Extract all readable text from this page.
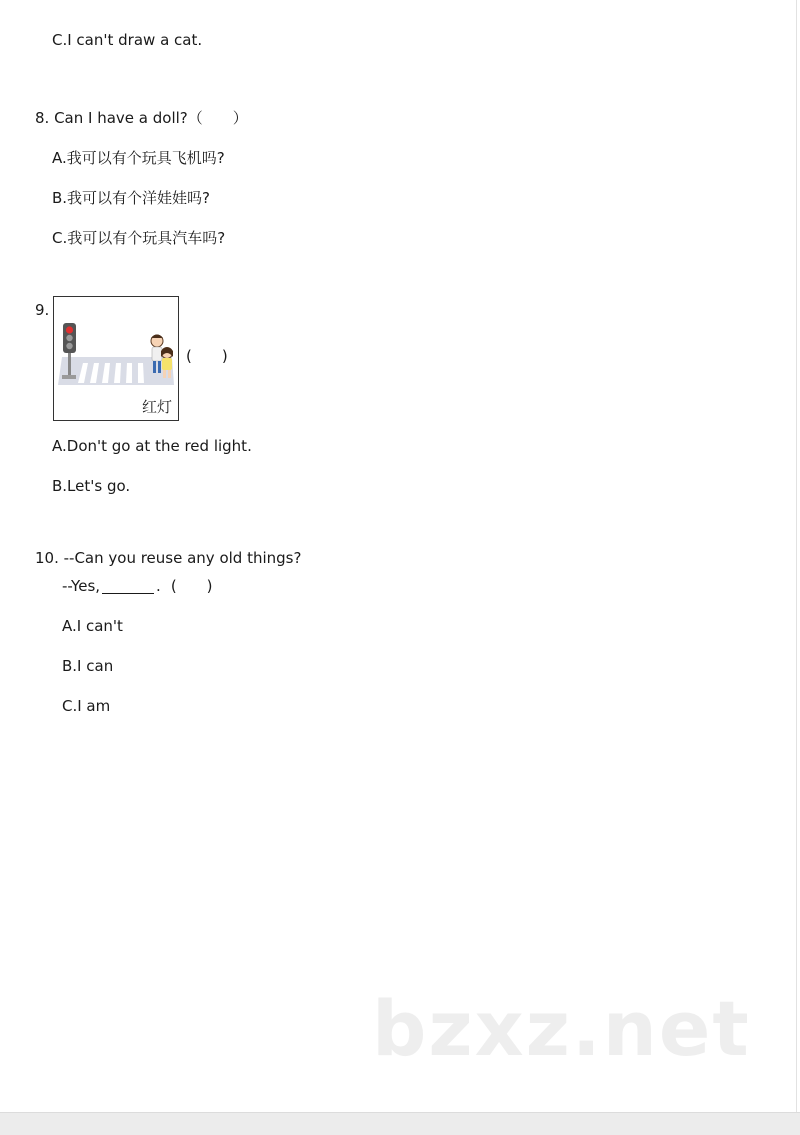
C.I can't draw a cat.
8. Can I have a doll?（　　）
A.我可以有个玩具飞机吗?
B.我可以有个洋娃娃吗?
C.我可以有个玩具汽车吗?
9.
红灯
(　　)
A.Don't go at the red light.
B.Let's go.
10. --Can you reuse any old things?
--Yes,	. (　　)
A.I can't
B.I can
C.I am
bzxz.net
